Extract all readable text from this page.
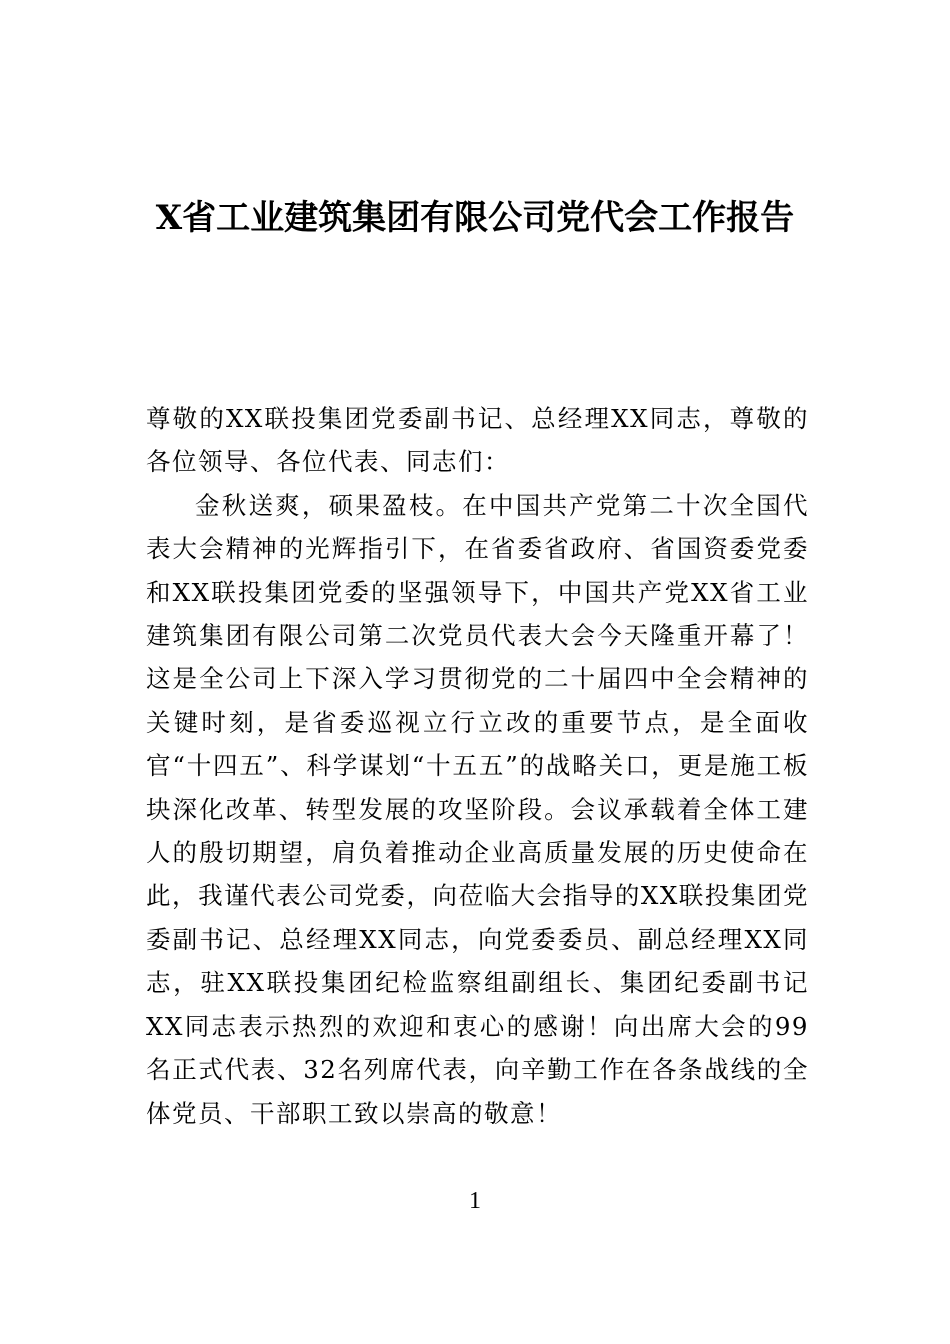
X省工业建筑集团有限公司党代会工作报告

尊敬的XX联投集团党委副书记、总经理XX同志，尊敬的各位领导、各位代表、同志们：

金秋送爽，硕果盈枝。在中国共产党第二十次全国代表大会精神的光辉指引下，在省委省政府、省国资委党委和XX联投集团党委的坚强领导下，中国共产党XX省工业建筑集团有限公司第二次党员代表大会今天隆重开幕了！这是全公司上下深入学习贯彻党的二十届四中全会精神的关键时刻，是省委巡视立行立改的重要节点，是全面收官“十四五”、科学谋划“十五五”的战略关口，更是施工板块深化改革、转型发展的攻坚阶段。会议承载着全体工建人的殷切期望，肩负着推动企业高质量发展的历史使命在此，我谨代表公司党委，向莅临大会指导的XX联投集团党委副书记、总经理XX同志，向党委委员、副总经理XX同志，驻XX联投集团纪检监察组副组长、集团纪委副书记XX同志表示热烈的欢迎和衷心的感谢！向出席大会的99名正式代表、32名列席代表，向辛勤工作在各条战线的全体党员、干部职工致以崇高的敬意！

1
